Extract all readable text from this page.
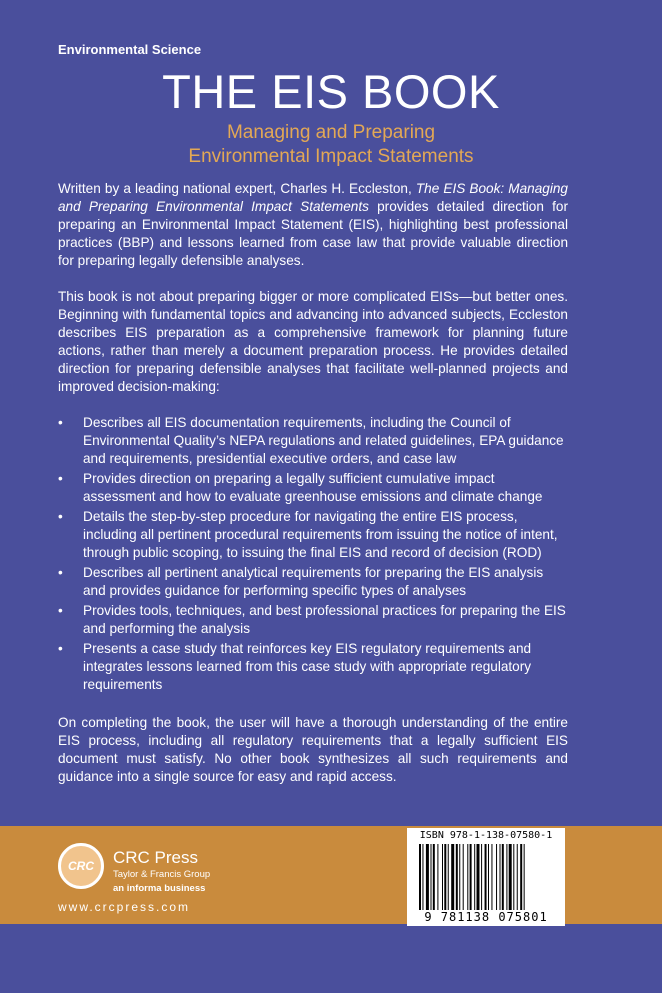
Environmental Science
THE EIS BOOK
Managing and Preparing
Environmental Impact Statements

Written by a leading national expert, Charles H. Eccleston, The EIS Book: Managing and Preparing Environmental Impact Statements provides detailed direction for preparing an Environmental Impact Statement (EIS), highlighting best professional practices (BBP) and lessons learned from case law that provide valuable direction for preparing legally defensible analyses.

This book is not about preparing bigger or more complicated EISs—but better ones. Beginning with fundamental topics and advancing into advanced subjects, Eccleston describes EIS preparation as a comprehensive framework for planning future actions, rather than merely a document preparation process. He provides detailed direction for preparing defensible analyses that facilitate well-planned projects and improved decision-making:

• Describes all EIS documentation requirements, including the Council of Environmental Quality’s NEPA regulations and related guidelines, EPA guidance and requirements, presidential executive orders, and case law
• Provides direction on preparing a legally sufficient cumulative impact assessment and how to evaluate greenhouse emissions and climate change
• Details the step-by-step procedure for navigating the entire EIS process, including all pertinent procedural requirements from issuing the notice of intent, through public scoping, to issuing the final EIS and record of decision (ROD)
• Describes all pertinent analytical requirements for preparing the EIS analysis and provides guidance for performing specific types of analyses
• Provides tools, techniques, and best professional practices for preparing the EIS and performing the analysis
• Presents a case study that reinforces key EIS regulatory requirements and integrates lessons learned from this case study with appropriate regulatory requirements

On completing the book, the user will have a thorough understanding of the entire EIS process, including all regulatory requirements that a legally sufficient EIS document must satisfy. No other book synthesizes all such requirements and guidance into a single source for easy and rapid access.

CRC	CRC Press
Taylor & Francis Group
an informa business
www.crcpress.com
ISBN 978-1-138-07580-1
9 781138 075801
